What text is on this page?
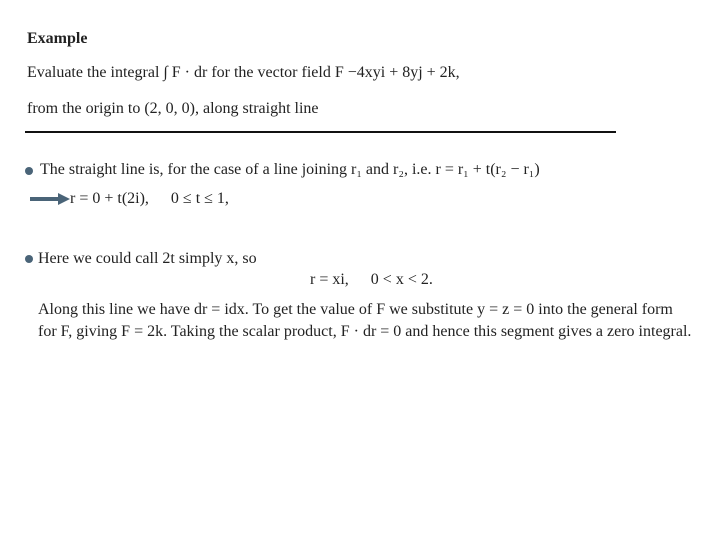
Example
Evaluate the integral ∫ F · dr for the vector field F −4xyi + 8yj + 2k,
from the origin to (2, 0, 0), along straight line
The straight line is, for the case of a line joining r₁ and r₂, i.e. r = r₁ + t(r₂ − r₁)
r = 0 + t(2i), 0 ≤ t ≤ 1,
Here we could call 2t simply x, so
r = xi, 0 < x < 2.
Along this line we have dr = idx. To get the value of F we substitute y = z = 0 into the general form
for F, giving F = 2k. Taking the scalar product, F · dr = 0 and hence this segment gives a zero integral.
